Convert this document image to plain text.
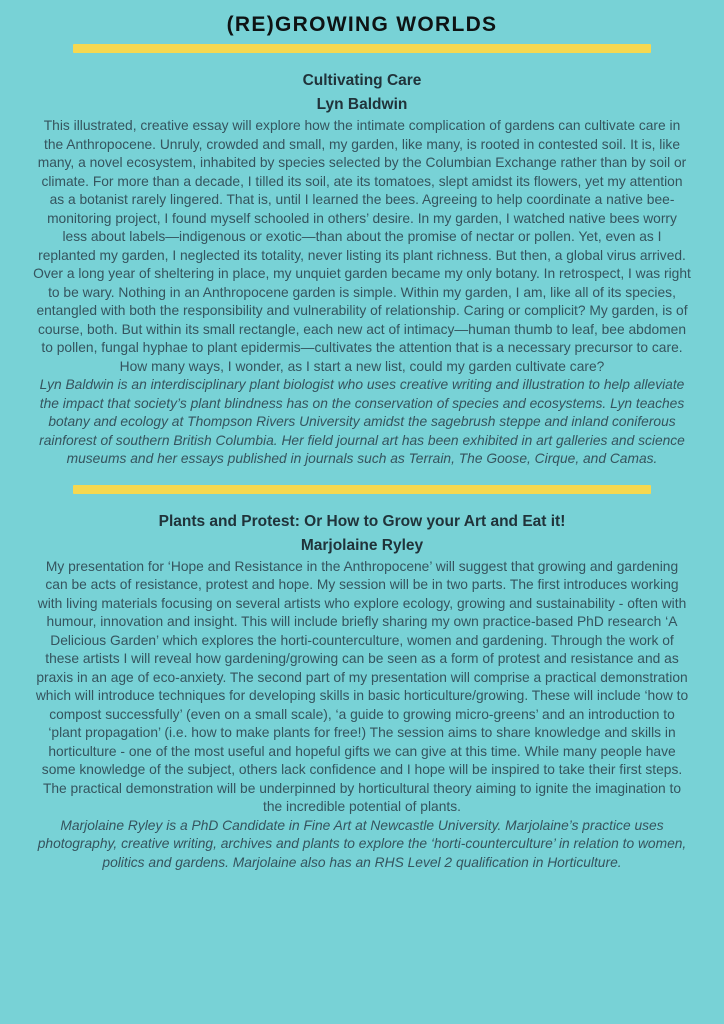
(RE)GROWING WORLDS
Cultivating Care
Lyn Baldwin

This illustrated, creative essay will explore how the intimate complication of gardens can cultivate care in the Anthropocene. Unruly, crowded and small, my garden, like many, is rooted in contested soil. It is, like many, a novel ecosystem, inhabited by species selected by the Columbian Exchange rather than by soil or climate. For more than a decade, I tilled its soil, ate its tomatoes, slept amidst its flowers, yet my attention as a botanist rarely lingered. That is, until I learned the bees. Agreeing to help coordinate a native bee-monitoring project, I found myself schooled in others’ desire. In my garden, I watched native bees worry less about labels—indigenous or exotic—than about the promise of nectar or pollen. Yet, even as I replanted my garden, I neglected its totality, never listing its plant richness. But then, a global virus arrived. Over a long year of sheltering in place, my unquiet garden became my only botany. In retrospect, I was right to be wary. Nothing in an Anthropocene garden is simple. Within my garden, I am, like all of its species, entangled with both the responsibility and vulnerability of relationship. Caring or complicit? My garden, is of course, both. But within its small rectangle, each new act of intimacy—human thumb to leaf, bee abdomen to pollen, fungal hyphae to plant epidermis—cultivates the attention that is a necessary precursor to care. How many ways, I wonder, as I start a new list, could my garden cultivate care?

Lyn Baldwin is an interdisciplinary plant biologist who uses creative writing and illustration to help alleviate the impact that society’s plant blindness has on the conservation of species and ecosystems. Lyn teaches botany and ecology at Thompson Rivers University amidst the sagebrush steppe and inland coniferous rainforest of southern British Columbia. Her field journal art has been exhibited in art galleries and science museums and her essays published in journals such as Terrain, The Goose, Cirque, and Camas.

Plants and Protest: Or How to Grow your Art and Eat it!
Marjolaine Ryley

My presentation for ‘Hope and Resistance in the Anthropocene’ will suggest that growing and gardening can be acts of resistance, protest and hope. My session will be in two parts. The first introduces working with living materials focusing on several artists who explore ecology, growing and sustainability - often with humour, innovation and insight. This will include briefly sharing my own practice-based PhD research ‘A Delicious Garden’ which explores the horti-counterculture, women and gardening. Through the work of these artists I will reveal how gardening/growing can be seen as a form of protest and resistance and as praxis in an age of eco-anxiety. The second part of my presentation will comprise a practical demonstration which will introduce techniques for developing skills in basic horticulture/growing. These will include ‘how to compost successfully’ (even on a small scale), ‘a guide to growing micro-greens’ and an introduction to ‘plant propagation’ (i.e. how to make plants for free!) The session aims to share knowledge and skills in horticulture - one of the most useful and hopeful gifts we can give at this time. While many people have some knowledge of the subject, others lack confidence and I hope will be inspired to take their first steps. The practical demonstration will be underpinned by horticultural theory aiming to ignite the imagination to the incredible potential of plants.

Marjolaine Ryley is a PhD Candidate in Fine Art at Newcastle University. Marjolaine’s practice uses photography, creative writing, archives and plants to explore the ‘horti-counterculture’ in relation to women, politics and gardens. Marjolaine also has an RHS Level 2 qualification in Horticulture.
